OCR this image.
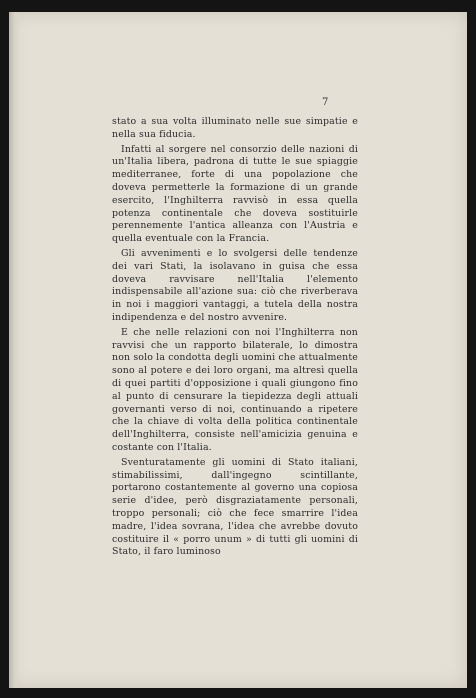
7

stato a sua volta illuminato nelle sue simpatie e nella sua fiducia.

Infatti al sorgere nel consorzio delle nazioni di un'Italia libera, padrona di tutte le sue spiaggie mediterranee, forte di una popolazione che doveva permetterle la formazione di un grande esercito, l'Inghilterra ravvisò in essa quella potenza continentale che doveva sostituirle perennemente l'antica alleanza con l'Austria e quella eventuale con la Francia.

Gli avvenimenti e lo svolgersi delle tendenze dei vari Stati, la isolavano in guisa che essa doveva ravvisare nell'Italia l'elemento indispensabile all'azione sua: ciò che riverberava in noi i maggiori vantaggi, a tutela della nostra indipendenza e del nostro avvenire.

E che nelle relazioni con noi l'Inghilterra non ravvisi che un rapporto bilaterale, lo dimostra non solo la condotta degli uomini che attualmente sono al potere e dei loro organi, ma altresì quella di quei partiti d'opposizione i quali giungono fino al punto di censurare la tiepidezza degli attuali governanti verso di noi, continuando a ripetere che la chiave di volta della politica continentale dell'Inghilterra, consiste nell'amicizia genuina e costante con l'Italia.

Sventuratamente gli uomini di Stato italiani, stimabilissimi, dall'ingegno scintillante, portarono costantemente al governo una copiosa serie d'idee, però disgraziatamente personali, troppo personali; ciò che fece smarrire l'idea madre, l'idea sovrana, l'idea che avrebbe dovuto costituire il « porro unum » di tutti gli uomini di Stato, il faro luminoso
